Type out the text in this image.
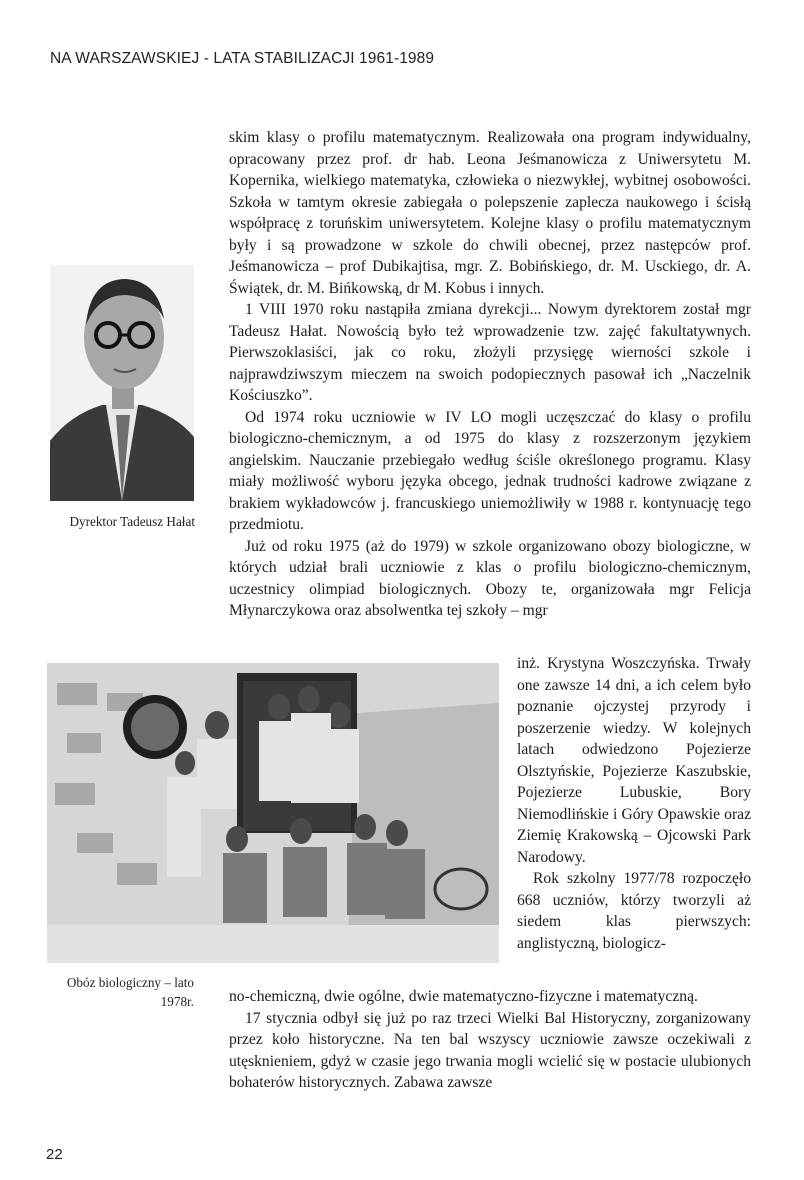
NA WARSZAWSKIEJ - LATA STABILIZACJI 1961-1989

skim klasy o profilu matematycznym. Realizowała ona program indywidualny, opracowany przez prof. dr hab. Leona Jeśmanowicza z Uniwersytetu M. Kopernika, wielkiego matematyka, człowieka o niezwykłej, wybitnej osobowości. Szkoła w tamtym okresie zabiegała o polepszenie zaplecza naukowego i ścisłą współpracę z toruńskim uniwersytetem. Kolejne klasy o profilu matematycznym były i są prowadzone w szkole do chwili obecnej, przez następców prof. Jeśmanowicza – prof Dubikajtisa, mgr. Z. Bobińskiego, dr. M. Usckiego, dr. A. Świątek, dr. M. Bińkowską, dr M. Kobus i innych.

1 VIII 1970 roku nastąpiła zmiana dyrekcji... Nowym dyrektorem został mgr Tadeusz Hałat. Nowością było też wprowadzenie tzw. zajęć fakultatywnych. Pierwszoklasiści, jak co roku, złożyli przysięgę wierności szkole i najprawdziwszym mieczem na swoich podopiecznych pasował ich „Naczelnik Kościuszko”.

Od 1974 roku uczniowie w IV LO mogli uczęszczać do klasy o profilu biologiczno-chemicznym, a od 1975 do klasy z rozszerzonym językiem angielskim. Nauczanie przebiegało według ściśle określonego programu. Klasy miały możliwość wyboru języka obcego, jednak trudności kadrowe związane z brakiem wykładowców j. francuskiego uniemożliwiły w 1988 r. kontynuację tego przedmiotu.

Już od roku 1975 (aż do 1979) w szkole organizowano obozy biologiczne, w których udział brali uczniowie z klas o profilu biologiczno-chemicznym, uczestnicy olimpiad biologicznych. Obozy te, organizowała mgr Felicja Młynarczykowa oraz absolwentka tej szkoły – mgr

Dyrektor Tadeusz Hałat

inż. Krystyna Woszczyńska. Trwały one zawsze 14 dni, a ich celem było poznanie ojczystej przyrody i poszerzenie wiedzy. W kolejnych latach odwiedzono Pojezierze Olsztyńskie, Pojezierze Kaszubskie, Pojezierze Lubuskie, Bory Niemodlińskie i Góry Opawskie oraz Ziemię Krakowską – Ojcowski Park Narodowy.

Rok szkolny 1977/78 rozpoczęło 668 uczniów, którzy tworzyli aż siedem klas pierwszych: anglistyczną, biologicz-

Obóz biologiczny – lato 1978r. no-chemiczną, dwie ogólne, dwie matematyczno-fizyczne i matematyczną.

17 stycznia odbył się już po raz trzeci Wielki Bal Historyczny, zorganizowany przez koło historyczne. Na ten bal wszyscy uczniowie zawsze oczekiwali z utęsknieniem, gdyż w czasie jego trwania mogli wcielić się w postacie ulubionych bohaterów historycznych. Zabawa zawsze

22
